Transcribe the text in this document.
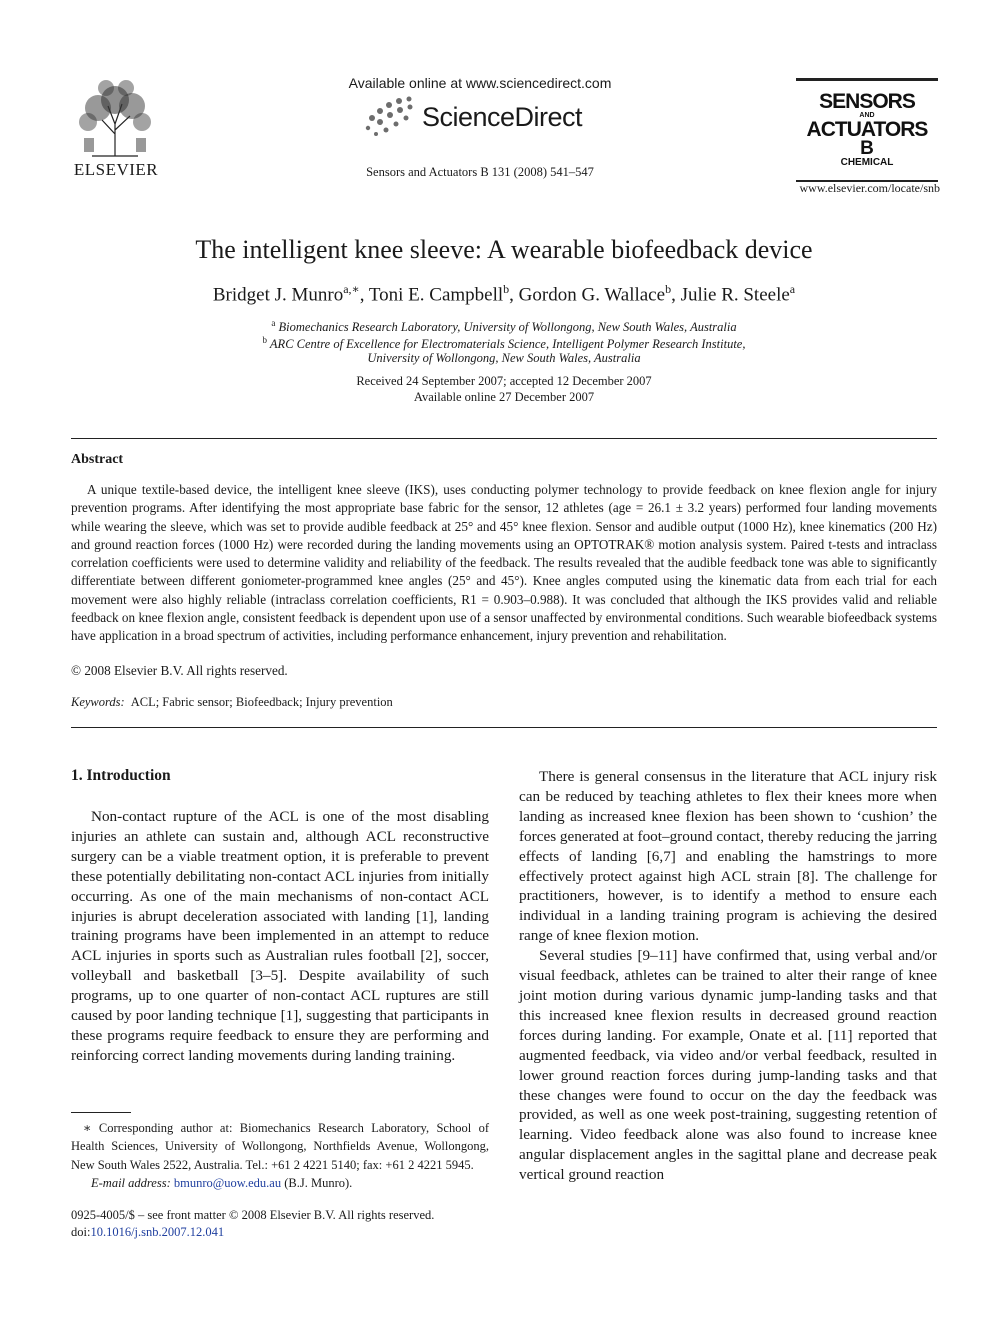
ELSEVIER
Available online at www.sciencedirect.com
ScienceDirect
Sensors and Actuators B 131 (2008) 541–547
SENSORS
AND
ACTUATORS
B
CHEMICAL
www.elsevier.com/locate/snb
The intelligent knee sleeve: A wearable biofeedback device
Bridget J. Munro$^{a,∗}$, Toni E. Campbell$^b$, Gordon G. Wallace$^b$, Julie R. Steele$^a$
$^a$ Biomechanics Research Laboratory, University of Wollongong, New South Wales, Australia
$^b$ ARC Centre of Excellence for Electromaterials Science, Intelligent Polymer Research Institute,
University of Wollongong, New South Wales, Australia
Received 24 September 2007; accepted 12 December 2007
Available online 27 December 2007
Abstract
A unique textile-based device, the intelligent knee sleeve (IKS), uses conducting polymer technology to provide feedback on knee flexion angle for injury prevention programs. After identifying the most appropriate base fabric for the sensor, 12 athletes (age = 26.1 ± 3.2 years) performed four landing movements while wearing the sleeve, which was set to provide audible feedback at 25° and 45° knee flexion. Sensor and audible output (1000 Hz), knee kinematics (200 Hz) and ground reaction forces (1000 Hz) were recorded during the landing movements using an OPTOTRAK® motion analysis system. Paired t-tests and intraclass correlation coefficients were used to determine validity and reliability of the feedback. The results revealed that the audible feedback tone was able to significantly differentiate between different goniometer-programmed knee angles (25° and 45°). Knee angles computed using the kinematic data from each trial for each movement were also highly reliable (intraclass correlation coefficients, R1 = 0.903–0.988). It was concluded that although the IKS provides valid and reliable feedback on knee flexion angle, consistent feedback is dependent upon use of a sensor unaffected by environmental conditions. Such wearable biofeedback systems have application in a broad spectrum of activities, including performance enhancement, injury prevention and rehabilitation.
© 2008 Elsevier B.V. All rights reserved.
Keywords: ACL; Fabric sensor; Biofeedback; Injury prevention
1. Introduction

Non-contact rupture of the ACL is one of the most disabling injuries an athlete can sustain and, although ACL reconstructive surgery can be a viable treatment option, it is preferable to prevent these potentially debilitating non-contact ACL injuries from initially occurring. As one of the main mechanisms of non-contact ACL injuries is abrupt deceleration associated with landing [1], landing training programs have been implemented in an attempt to reduce ACL injuries in sports such as Australian rules football [2], soccer, volleyball and basketball [3–5]. Despite availability of such programs, up to one quarter of non-contact ACL ruptures are still caused by poor landing technique [1], suggesting that participants in these programs require feedback to ensure they are performing and reinforcing correct landing movements during landing training.

There is general consensus in the literature that ACL injury risk can be reduced by teaching athletes to flex their knees more when landing as increased knee flexion has been shown to ‘cushion’ the forces generated at foot–ground contact, thereby reducing the jarring effects of landing [6,7] and enabling the hamstrings to more effectively protect against high ACL strain [8]. The challenge for practitioners, however, is to identify a method to ensure each individual in a landing training program is achieving the desired range of knee flexion motion.

Several studies [9–11] have confirmed that, using verbal and/or visual feedback, athletes can be trained to alter their range of knee joint motion during various dynamic jump-landing tasks and that this increased knee flexion results in decreased ground reaction forces during landing. For example, Onate et al. [11] reported that augmented feedback, via video and/or verbal feedback, resulted in lower ground reaction forces during jump-landing tasks and that these changes were found to occur on the day the feedback was provided, as well as one week post-training, suggesting retention of learning. Video feedback alone was also found to increase knee angular displacement angles in the sagittal plane and decrease peak vertical ground reaction

∗ Corresponding author at: Biomechanics Research Laboratory, School of Health Sciences, University of Wollongong, Northfields Avenue, Wollongong, New South Wales 2522, Australia. Tel.: +61 2 4221 5140; fax: +61 2 4221 5945.
E-mail address: bmunro@uow.edu.au (B.J. Munro).
0925-4005/$ – see front matter © 2008 Elsevier B.V. All rights reserved.
doi:10.1016/j.snb.2007.12.041
